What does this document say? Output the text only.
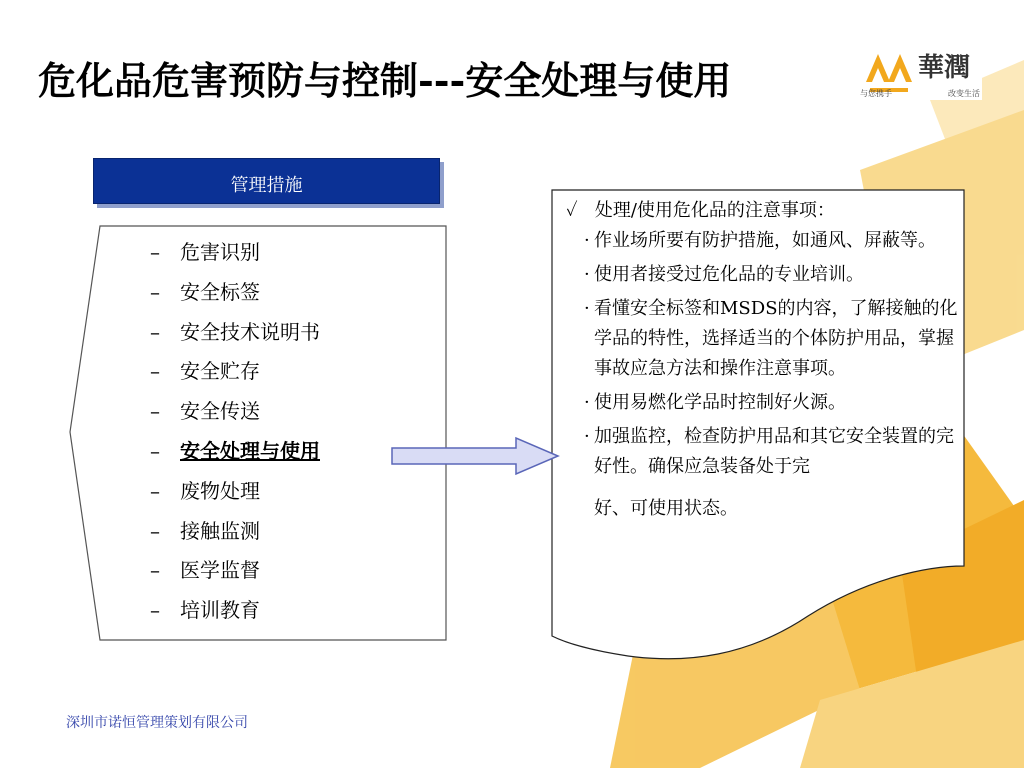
危化品危害预防与控制---安全处理与使用	華潤
与您携手	改变生活
管理措施
– 危害识别
– 安全标签
– 安全技术说明书
– 安全贮存
– 安全传送
– 安全处理与使用
– 废物处理
– 接触监测
– 医学监督
– 培训教育
✓ 处理/使用危化品的注意事项：
· 作业场所要有防护措施，如通风、屏蔽等。
· 使用者接受过危化品的专业培训。
· 看懂安全标签和MSDS的内容，了解接触的化学品的特性，选择适当的个体防护用品，掌握事故应急方法和操作注意事项。
· 使用易燃化学品时控制好火源。
· 加强监控，检查防护用品和其它安全装置的完好性。确保应急装备处于完
好、可使用状态。
深圳市诺恒管理策划有限公司
